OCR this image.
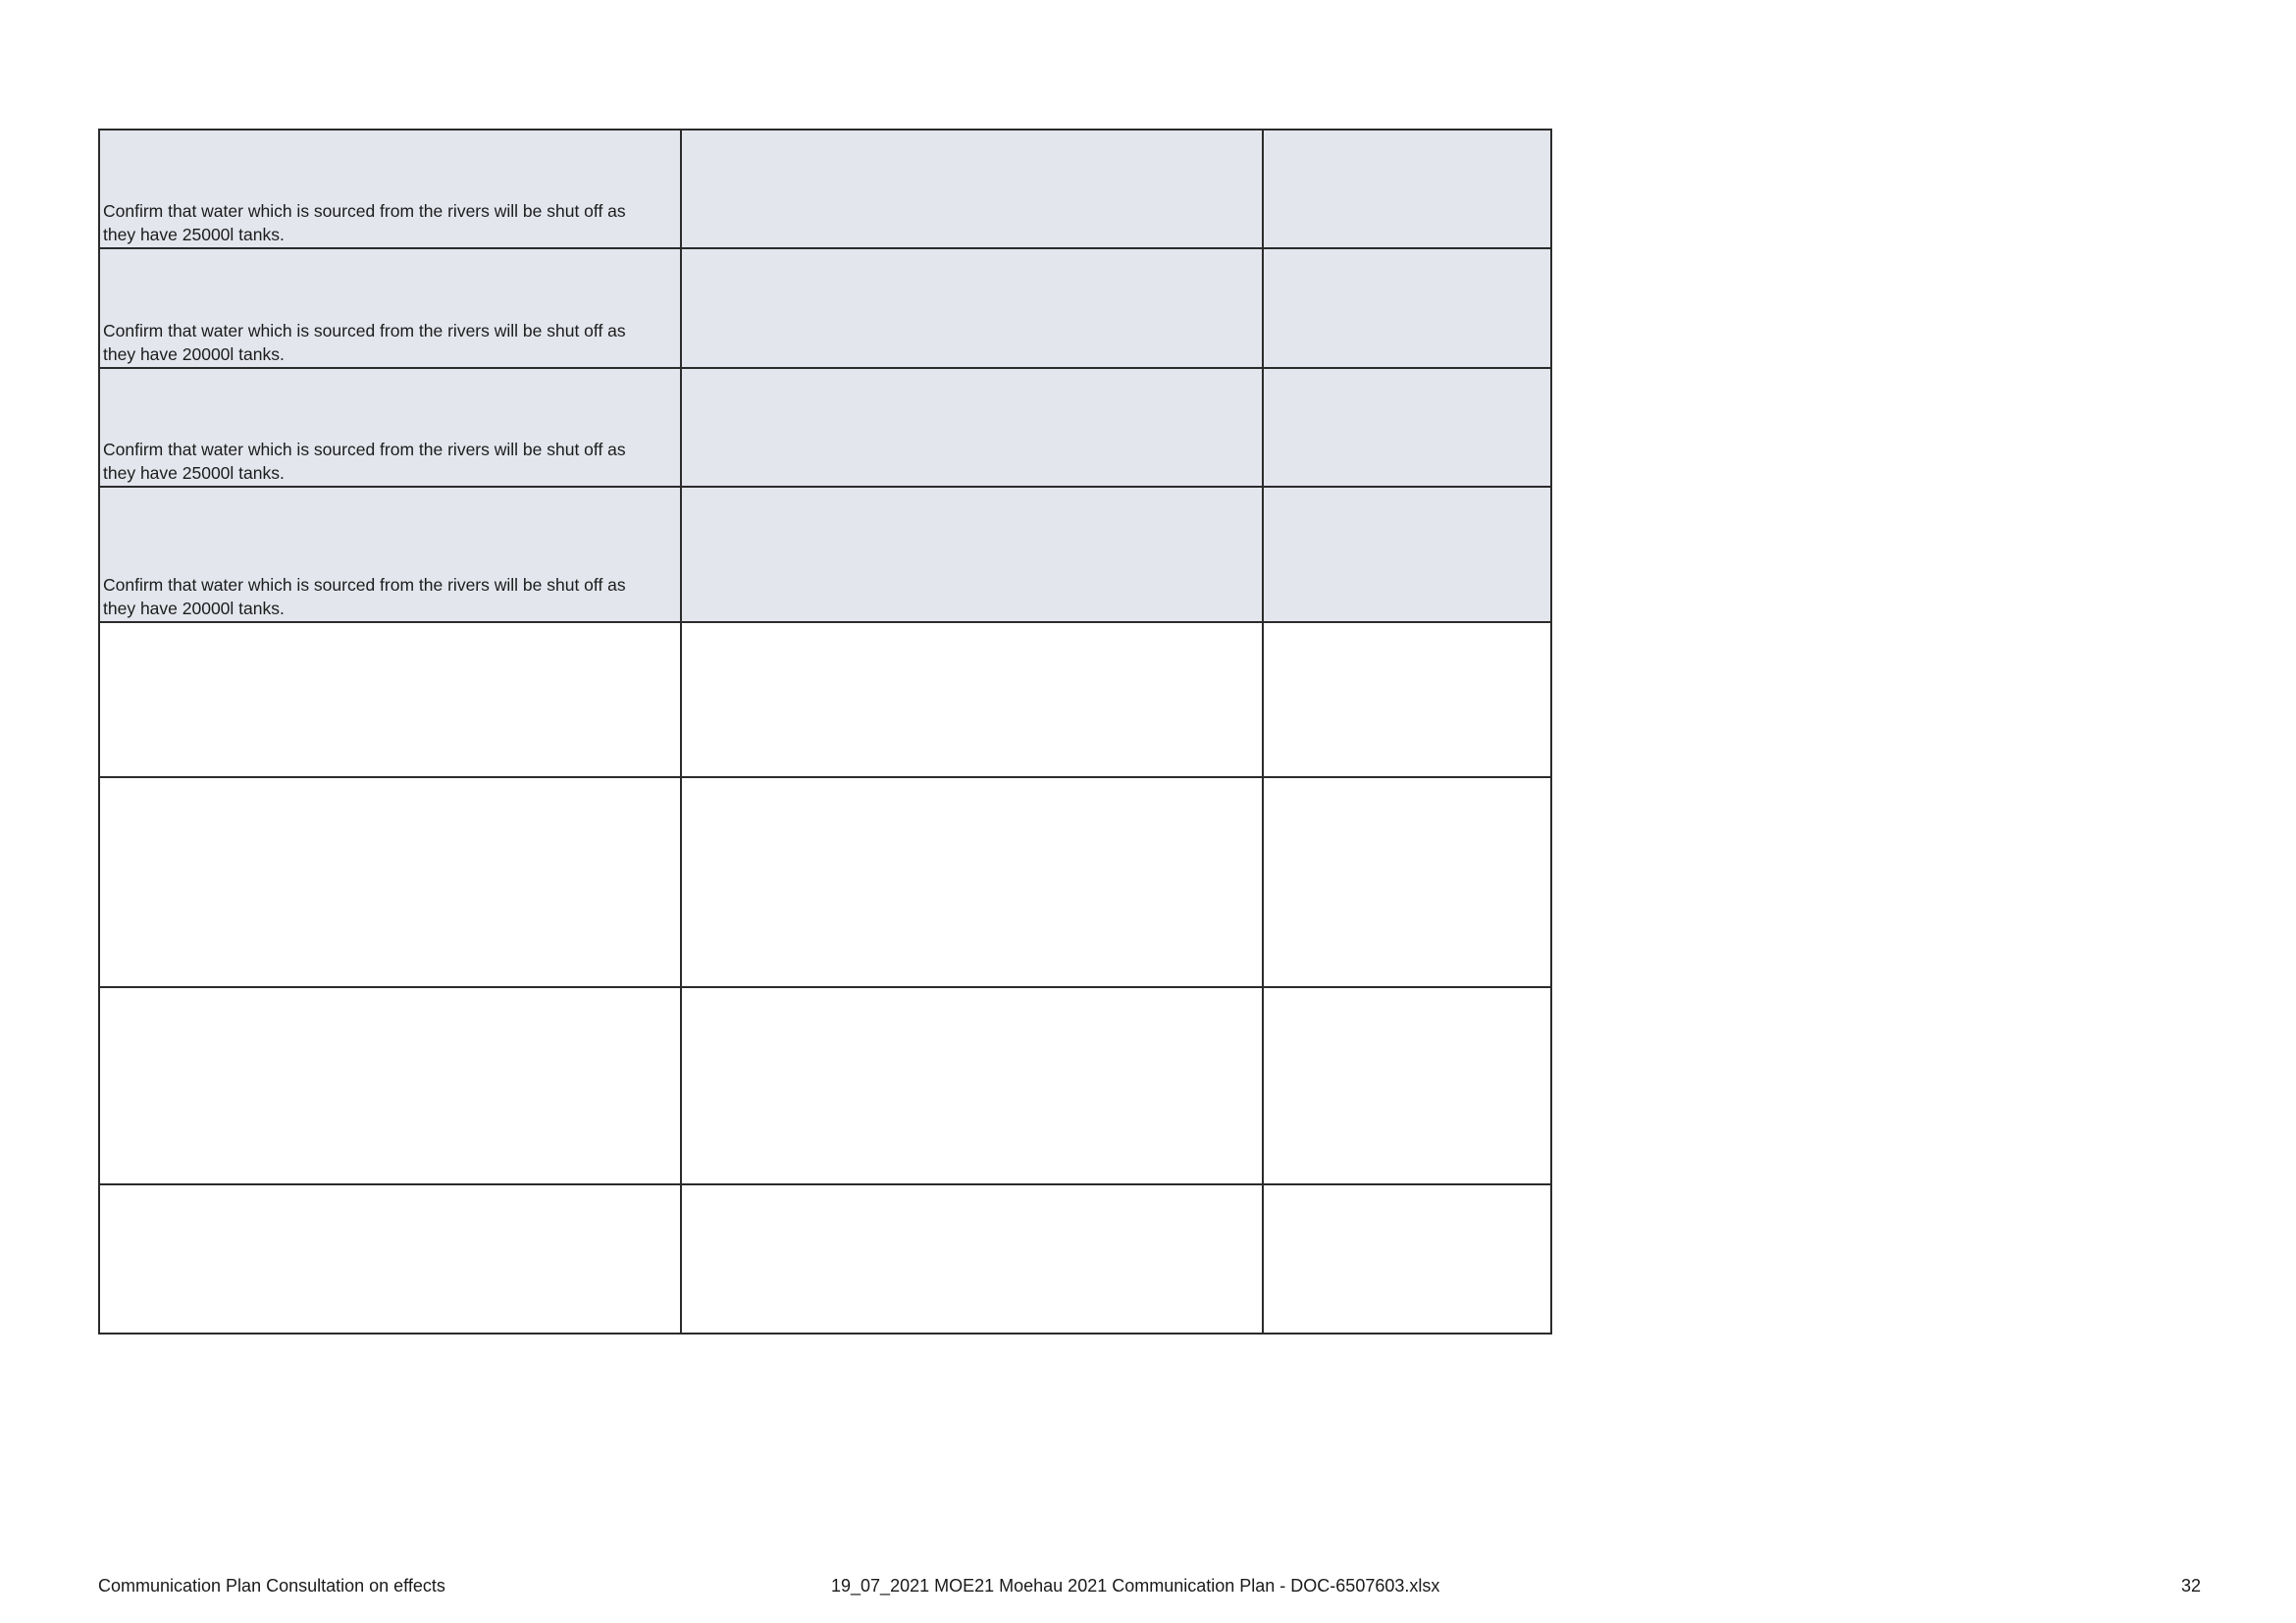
Confirm that water which is sourced from the rivers will be shut off as
they have 25000l tanks.		

Confirm that water which is sourced from the rivers will be shut off as
they have 20000l tanks.		

Confirm that water which is sourced from the rivers will be shut off as
they have 25000l tanks.		

Confirm that water which is sourced from the rivers will be shut off as
they have 20000l tanks.		

Communication Plan Consultation on effects	19_07_2021 MOE21 Moehau 2021 Communication Plan - DOC-6507603.xlsx	32
